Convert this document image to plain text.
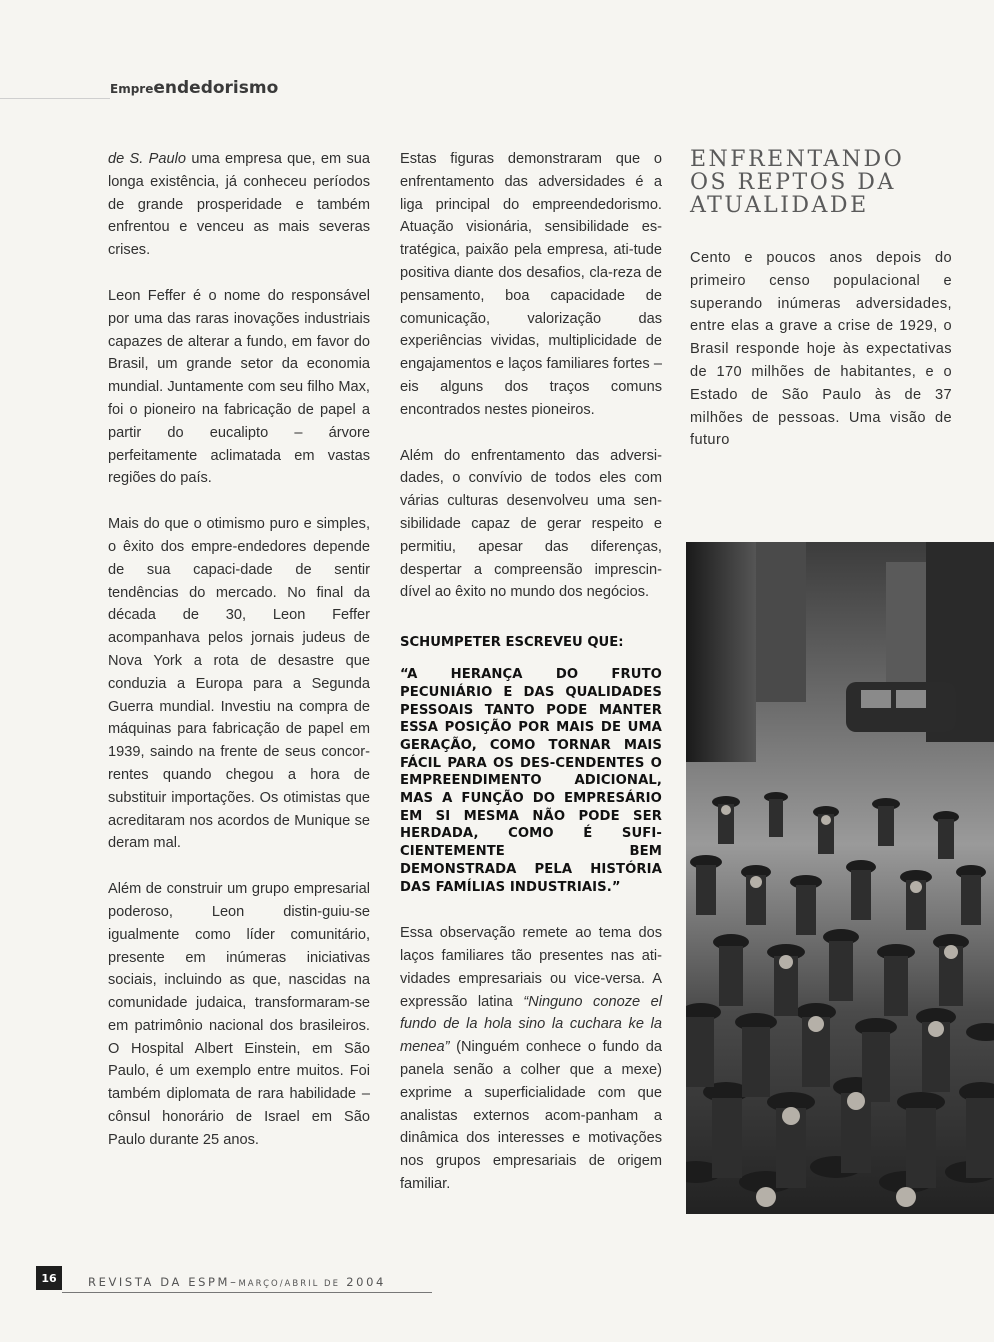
Empreendedorismo

de S. Paulo uma empresa que, em sua longa existência, já conheceu períodos de grande prosperidade e também enfrentou e venceu as mais severas crises.

Leon Feffer é o nome do responsável por uma das raras inovações industriais capazes de alterar a fundo, em favor do Brasil, um grande setor da economia mundial. Juntamente com seu filho Max, foi o pioneiro na fabricação de papel a partir do eucalipto – árvore perfeitamente aclimatada em vastas regiões do país.

Mais do que o otimismo puro e simples, o êxito dos empre-endedores depende de sua capaci-dade de sentir tendências do mercado. No final da década de 30, Leon Feffer acompanhava pelos jornais judeus de Nova York a rota de desastre que conduzia a Europa para a Segunda Guerra mundial. Investiu na compra de máquinas para fabricação de papel em 1939, saindo na frente de seus concor-rentes quando chegou a hora de substituir importações. Os otimistas que acreditaram nos acordos de Munique se deram mal.

Além de construir um grupo empresarial poderoso, Leon distin-guiu-se igualmente como líder comunitário, presente em inúmeras iniciativas sociais, incluindo as que, nascidas na comunidade judaica, transformaram-se em patrimônio nacional dos brasileiros. O Hospital Albert Einstein, em São Paulo, é um exemplo entre muitos. Foi também diplomata de rara habilidade – cônsul honorário de Israel em São Paulo durante 25 anos.

Estas figuras demonstraram que o enfrentamento das adversidades é a liga principal do empreendedorismo. Atuação visionária, sensibilidade es-tratégica, paixão pela empresa, ati-tude positiva diante dos desafios, cla-reza de pensamento, boa capacidade de comunicação, valorização das experiências vividas, multiplicidade de engajamentos e laços familiares fortes – eis alguns dos traços comuns encontrados nestes pioneiros.

Além do enfrentamento das adversi-dades, o convívio de todos eles com várias culturas desenvolveu uma sen-sibilidade capaz de gerar respeito e permitiu, apesar das diferenças, despertar a compreensão imprescin-dível ao êxito no mundo dos negócios.

SCHUMPETER ESCREVEU QUE:
“A HERANÇA DO FRUTO PECUNIÁRIO E DAS QUALIDADES PESSOAIS TANTO PODE MANTER ESSA POSIÇÃO POR MAIS DE UMA GERAÇÃO, COMO TORNAR MAIS FÁCIL PARA OS DES-CENDENTES O EMPREENDIMENTO ADICIONAL, MAS A FUNÇÃO DO EMPRESÁRIO EM SI MESMA NÃO PODE SER HERDADA, COMO É SUFI-CIENTEMENTE BEM DEMONSTRADA PELA HISTÓRIA DAS FAMÍLIAS INDUSTRIAIS.”

Essa observação remete ao tema dos laços familiares tão presentes nas ati-vidades empresariais ou vice-versa. A expressão latina “Ninguno conoze el fundo de la hola sino la cuchara ke la menea” (Ninguém conhece o fundo da panela senão a colher que a mexe) exprime a superficialidade com que analistas externos acom-panham a dinâmica dos interesses e motivações nos grupos empresariais de origem familiar.

ENFRENTANDO
OS REPTOS DA
ATUALIDADE

Cento e poucos anos depois do primeiro censo populacional e superando inúmeras adversidades, entre elas a grave a crise de 1929, o Brasil responde hoje às expectativas de 170 milhões de habitantes, e o Estado de São Paulo às de 37 milhões de pessoas. Uma visão de futuro

16	REVISTA DA ESPM–MARÇO/ABRIL DE 2004
